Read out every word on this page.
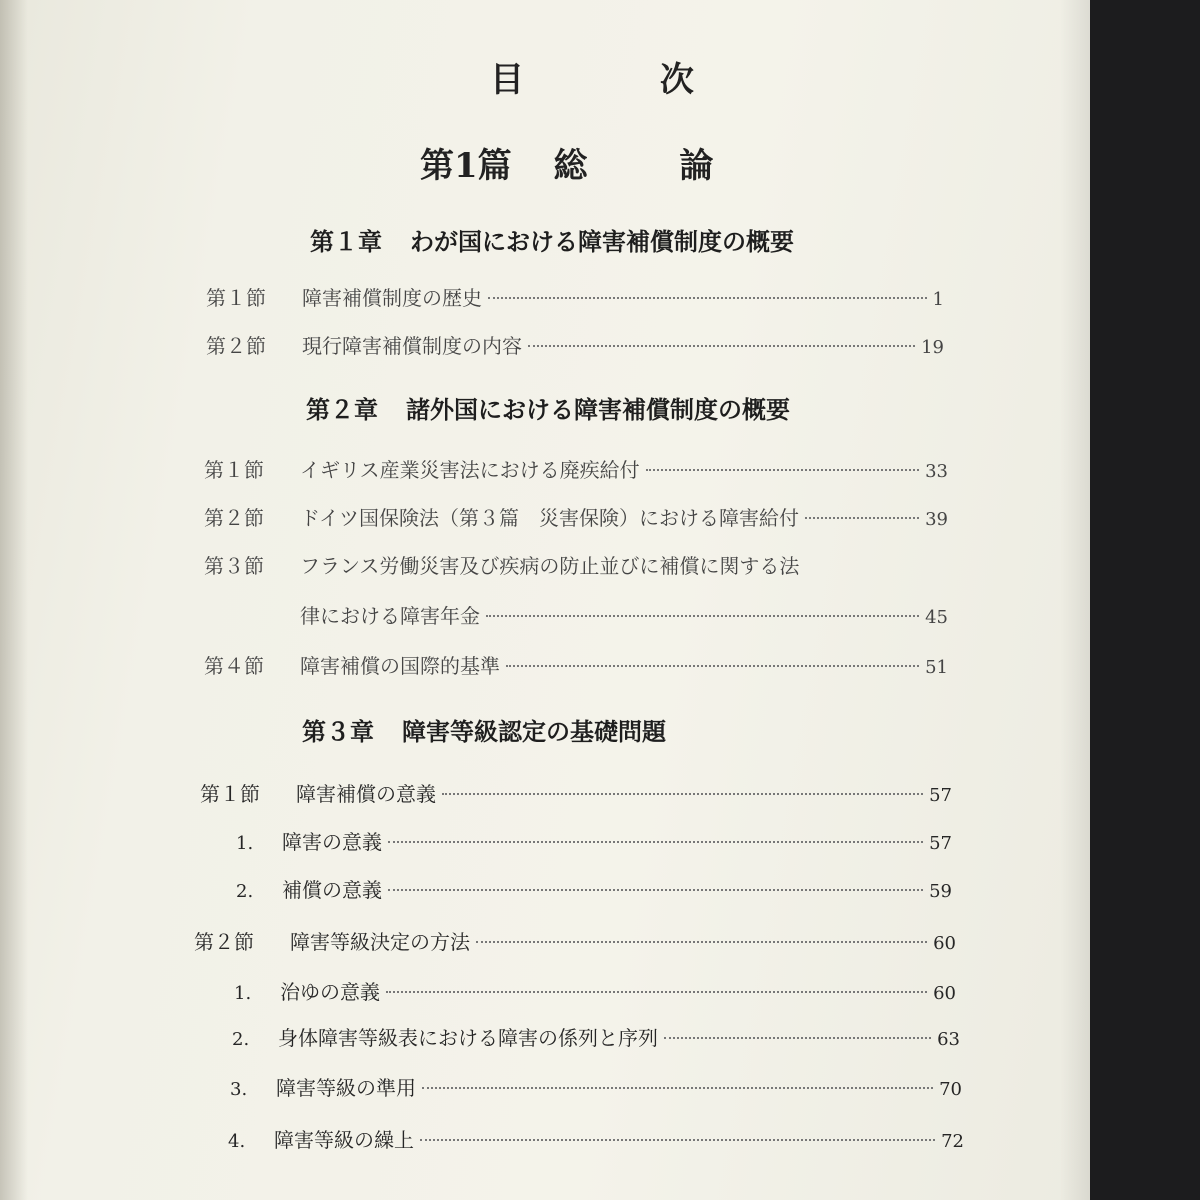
目 次
第1篇 総	論
第１章 わが国における障害補償制度の概要
第１節	障害補償制度の歴史	1
第２節	現行障害補償制度の内容	19
第２章 諸外国における障害補償制度の概要
第１節	イギリス産業災害法における廃疾給付	33
第２節	ドイツ国保険法（第３篇　災害保険）における障害給付	39
第３節	フランス労働災害及び疾病の防止並びに補償に関する法
律における障害年金	45
第４節	障害補償の国際的基準	51
第３章 障害等級認定の基礎問題
第１節	障害補償の意義	57
1.	障害の意義	57
2.	補償の意義	59
第２節	障害等級決定の方法	60
1.	治ゆの意義	60
2.	身体障害等級表における障害の係列と序列	63
3.	障害等級の準用	70
4.	障害等級の繰上	72
